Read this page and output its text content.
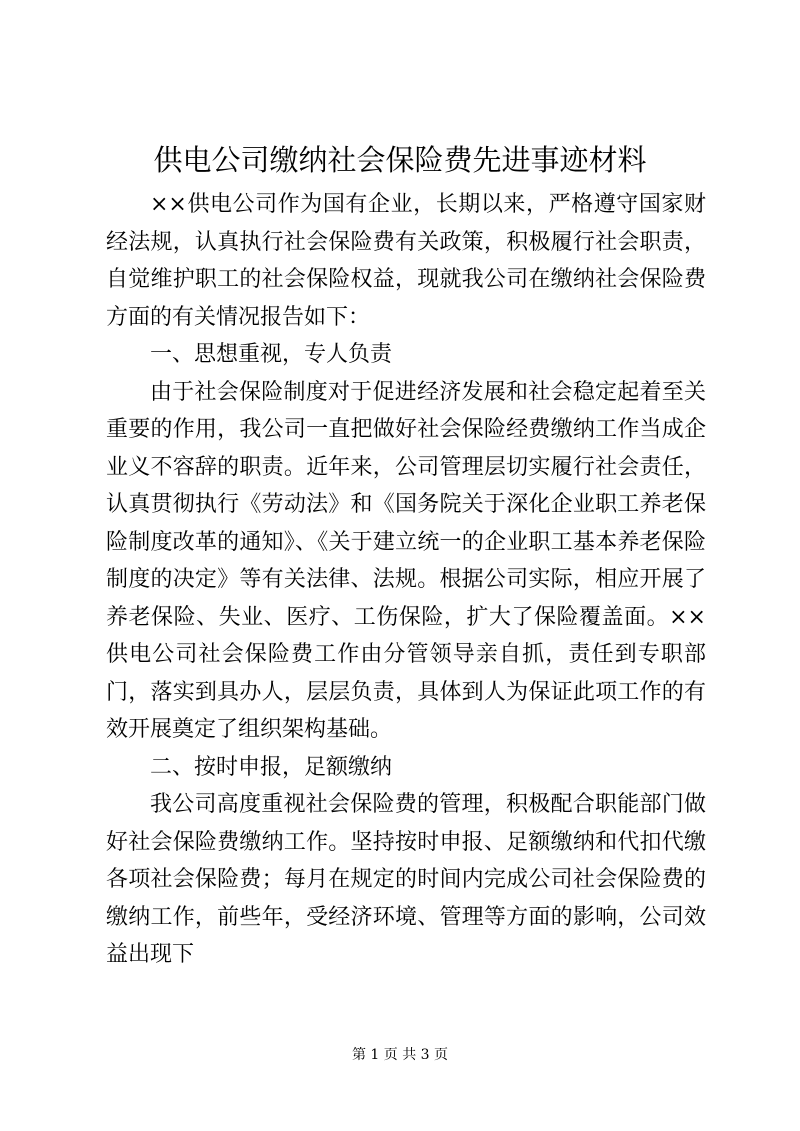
供电公司缴纳社会保险费先进事迹材料

××供电公司作为国有企业，长期以来，严格遵守国家财经法规，认真执行社会保险费有关政策，积极履行社会职责，自觉维护职工的社会保险权益，现就我公司在缴纳社会保险费方面的有关情况报告如下：

一、思想重视，专人负责

由于社会保险制度对于促进经济发展和社会稳定起着至关重要的作用，我公司一直把做好社会保险经费缴纳工作当成企业义不容辞的职责。近年来，公司管理层切实履行社会责任，认真贯彻执行《劳动法》和《国务院关于深化企业职工养老保险制度改革的通知》、《关于建立统一的企业职工基本养老保险制度的决定》等有关法律、法规。根据公司实际，相应开展了养老保险、失业、医疗、工伤保险，扩大了保险覆盖面。××供电公司社会保险费工作由分管领导亲自抓，责任到专职部门，落实到具办人，层层负责，具体到人为保证此项工作的有效开展奠定了组织架构基础。

二、按时申报，足额缴纳

我公司高度重视社会保险费的管理，积极配合职能部门做好社会保险费缴纳工作。坚持按时申报、足额缴纳和代扣代缴各项社会保险费；每月在规定的时间内完成公司社会保险费的缴纳工作，前些年，受经济环境、管理等方面的影响，公司效益出现下

第 1 页 共 3 页
